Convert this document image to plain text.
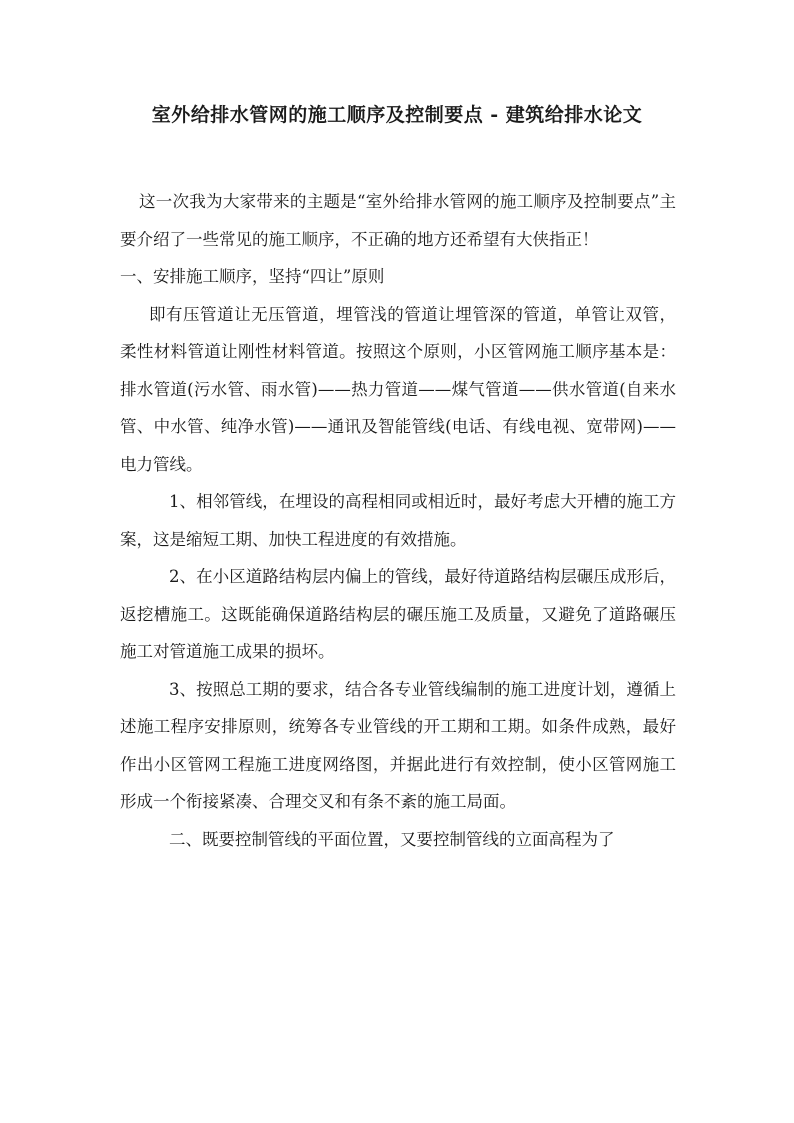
室外给排水管网的施工顺序及控制要点 - 建筑给排水论文

这一次我为大家带来的主题是“室外给排水管网的施工顺序及控制要点”主要介绍了一些常见的施工顺序，不正确的地方还希望有大侠指正！

一、安排施工顺序，坚持“四让”原则

即有压管道让无压管道，埋管浅的管道让埋管深的管道，单管让双管，柔性材料管道让刚性材料管道。按照这个原则，小区管网施工顺序基本是：排水管道(污水管、雨水管)——热力管道——煤气管道——供水管道(自来水管、中水管、纯净水管)——通讯及智能管线(电话、有线电视、宽带网)——电力管线。

1、相邻管线，在埋设的高程相同或相近时，最好考虑大开槽的施工方案，这是缩短工期、加快工程进度的有效措施。

2、在小区道路结构层内偏上的管线，最好待道路结构层碾压成形后，返挖槽施工。这既能确保道路结构层的碾压施工及质量，又避免了道路碾压施工对管道施工成果的损坏。

3、按照总工期的要求，结合各专业管线编制的施工进度计划，遵循上述施工程序安排原则，统筹各专业管线的开工期和工期。如条件成熟，最好作出小区管网工程施工进度网络图，并据此进行有效控制，使小区管网施工形成一个衔接紧凑、合理交叉和有条不紊的施工局面。

二、既要控制管线的平面位置，又要控制管线的立面高程为了
